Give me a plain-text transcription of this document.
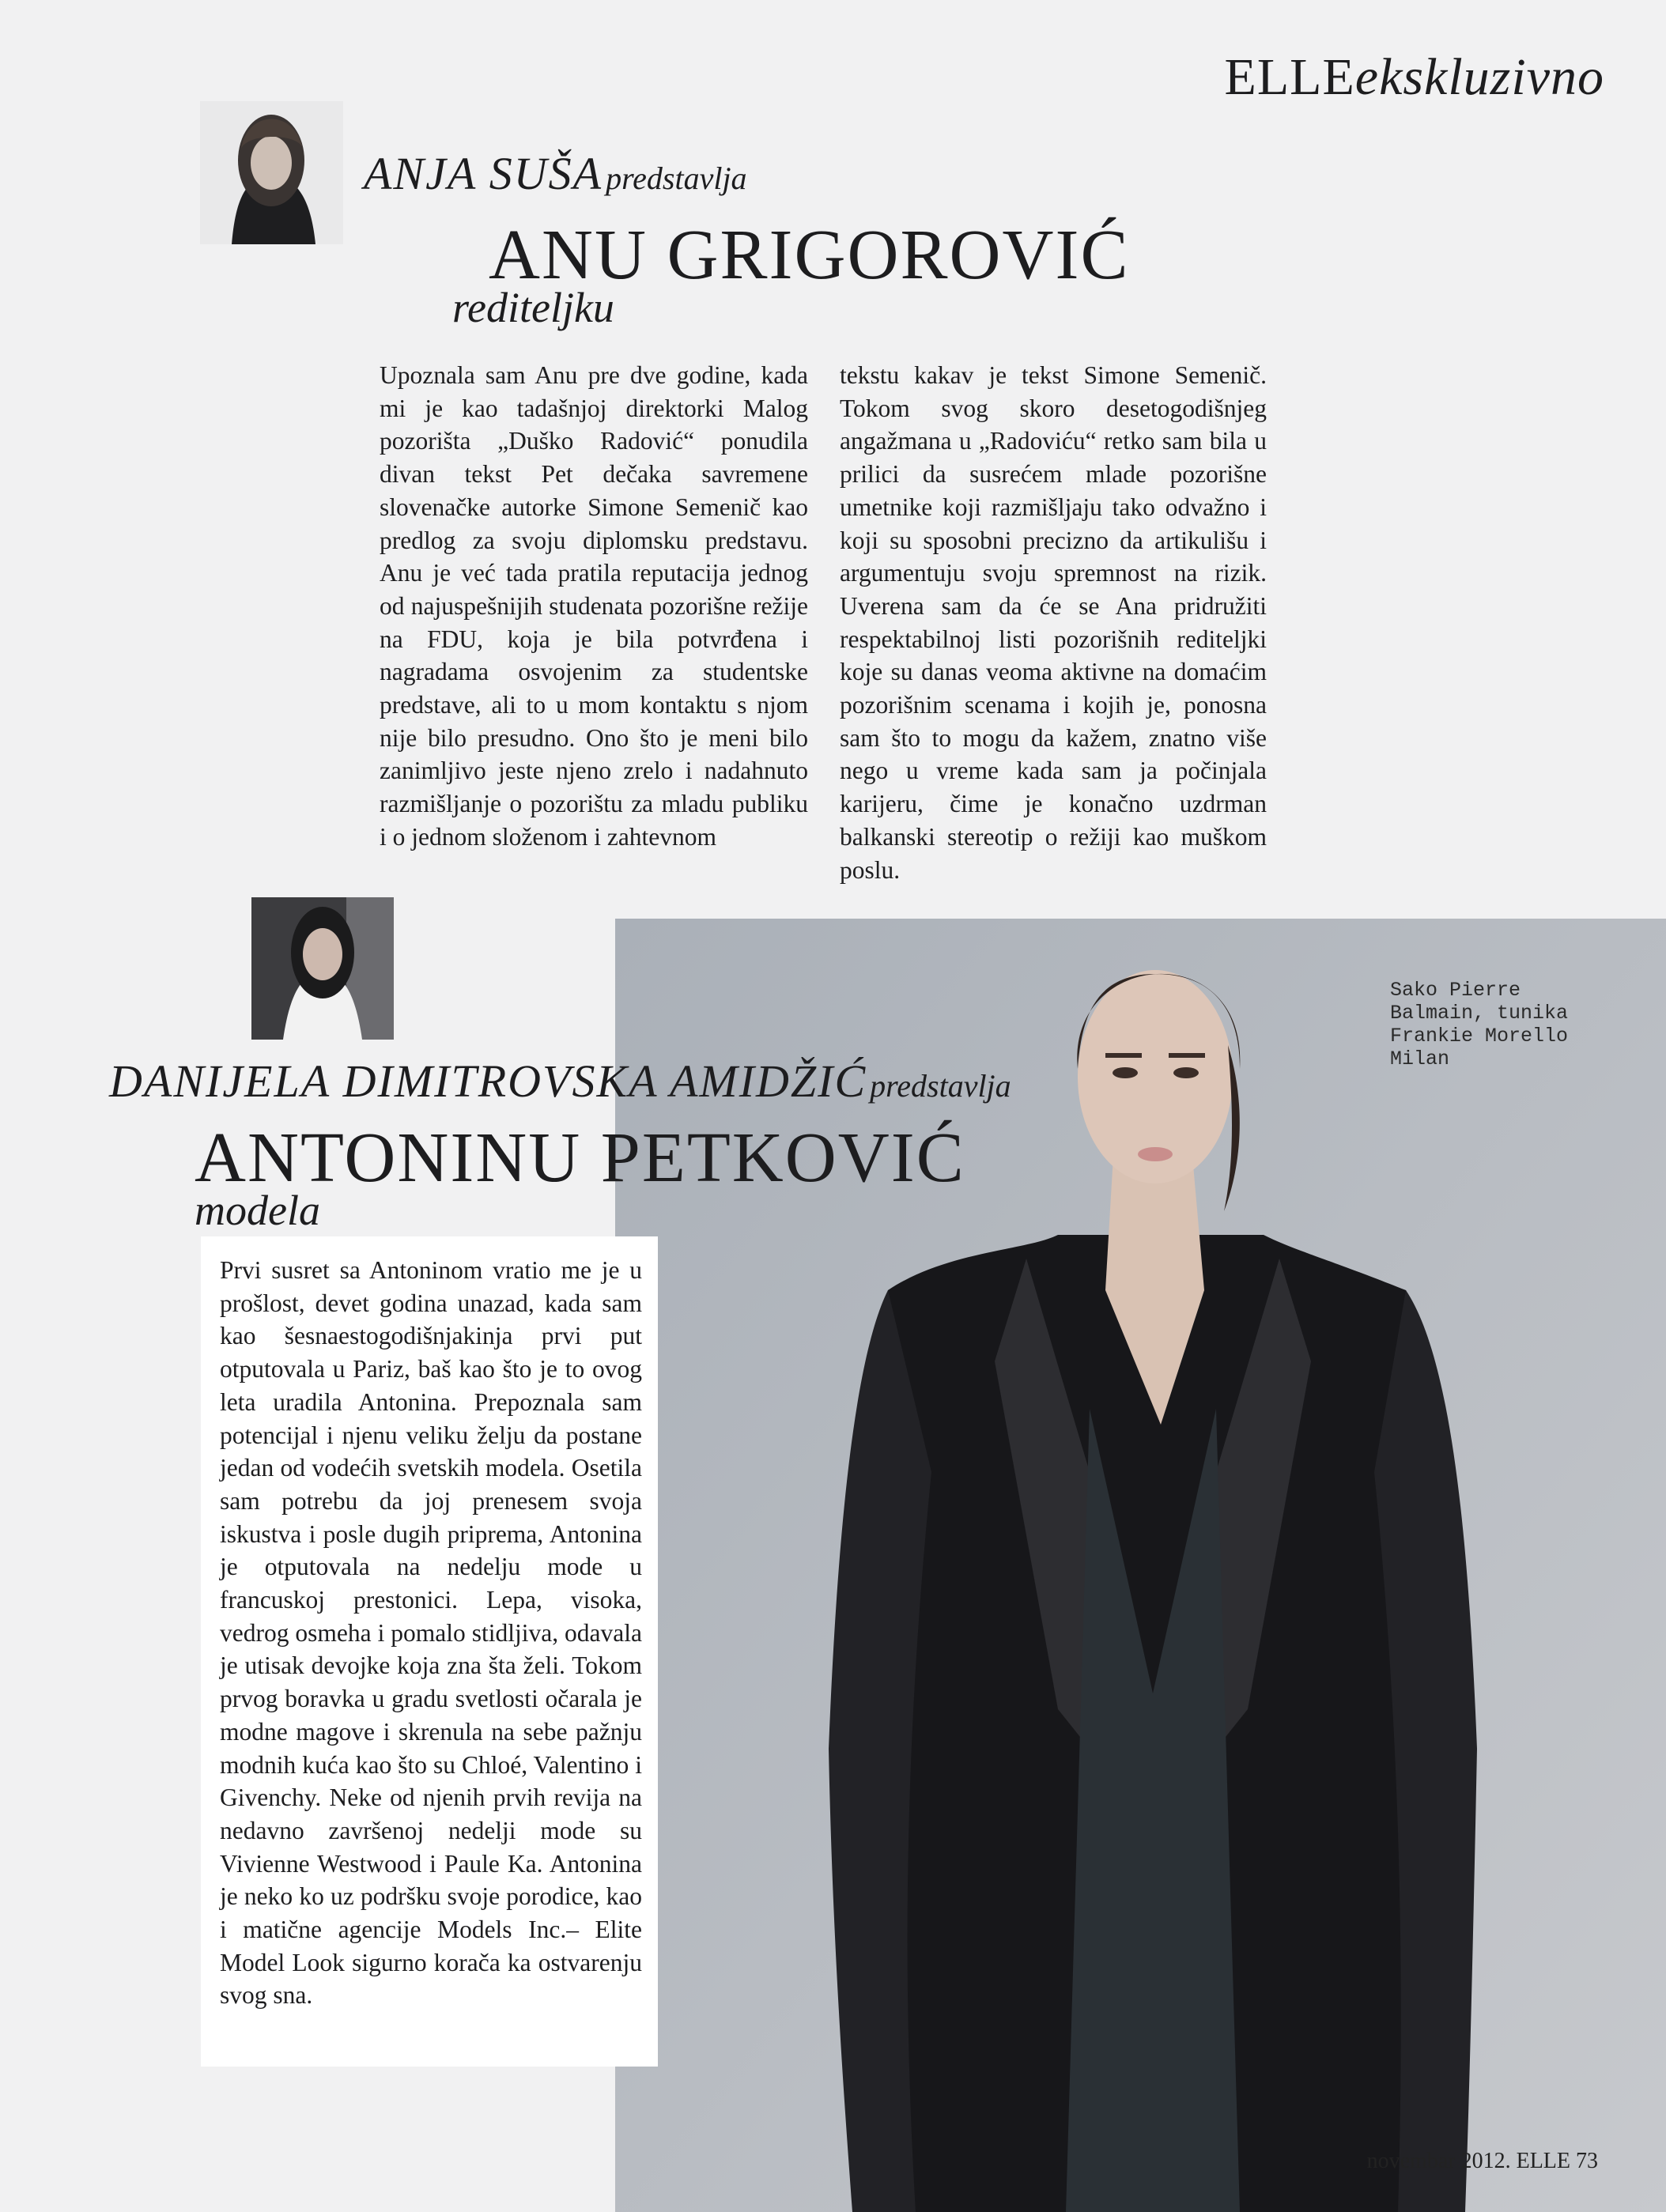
ELLEekskluzivno
ANJA SUŠA predstavlja
ANU GRIGOROVIĆ
rediteljku

Upoznala sam Anu pre dve godine, kada mi je kao tadašnjoj direktorki Malog pozorišta „Duško Radović“ ponudila divan tekst Pet dečaka savremene slovenačke autorke Simone Semenič kao predlog za svoju diplomsku predstavu. Anu je već tada pratila reputacija jednog od najuspešnijih studenata pozorišne režije na FDU, koja je bila potvrđena i nagradama osvojenim za studentske predstave, ali to u mom kontaktu s njom nije bilo presudno. Ono što je meni bilo zanimljivo jeste njeno zrelo i nadahnuto razmišljanje o pozorištu za mladu publiku i o jednom složenom i zahtevnom

tekstu kakav je tekst Simone Semenič. Tokom svog skoro desetogodišnjeg angažmana u „Radoviću“ retko sam bila u prilici da susrećem mlade pozorišne umetnike koji razmišljaju tako odvažno i koji su sposobni precizno da artikulišu i argumentuju svoju spremnost na rizik. Uverena sam da će se Ana pridružiti respektabilnoj listi pozorišnih rediteljki koje su danas veoma aktivne na domaćim pozorišnim scenama i kojih je, ponosna sam što to mogu da kažem, znatno više nego u vreme kada sam ja počinjala karijeru, čime je konačno uzdrman balkanski stereotip o režiji kao muškom poslu.

Sako Pierre
Balmain, tunika
Frankie Morello
Milan
DANIJELA DIMITROVSKA AMIDŽIĆ predstavlja
ANTONINU PETKOVIĆ
modela

Prvi susret sa Antoninom vratio me je u prošlost, devet godina unazad, kada sam kao šesnaestogodišnjakinja prvi put otputovala u Pariz, baš kao što je to ovog leta uradila Antonina. Prepoznala sam potencijal i njenu veliku želju da postane jedan od vodećih svetskih modela. Osetila sam potrebu da joj prenesem svoja iskustva i posle dugih priprema, Antonina je otputovala na nedelju mode u francuskoj prestonici. Lepa, visoka, vedrog osmeha i pomalo stidljiva, odavala je utisak devojke koja zna šta želi. Tokom prvog boravka u gradu svetlosti očarala je modne magove i skrenula na sebe pažnju modnih kuća kao što su Chloé, Valentino i Givenchy. Neke od njenih prvih revija na nedavno završenoj nedelji mode su Vivienne Westwood i Paule Ka. Antonina je neko ko uz podršku svoje porodice, kao i matične agencije Models Inc.– Elite Model Look sigurno korača ka ostvarenju svog sna.

novembar 2012. ELLE 73
